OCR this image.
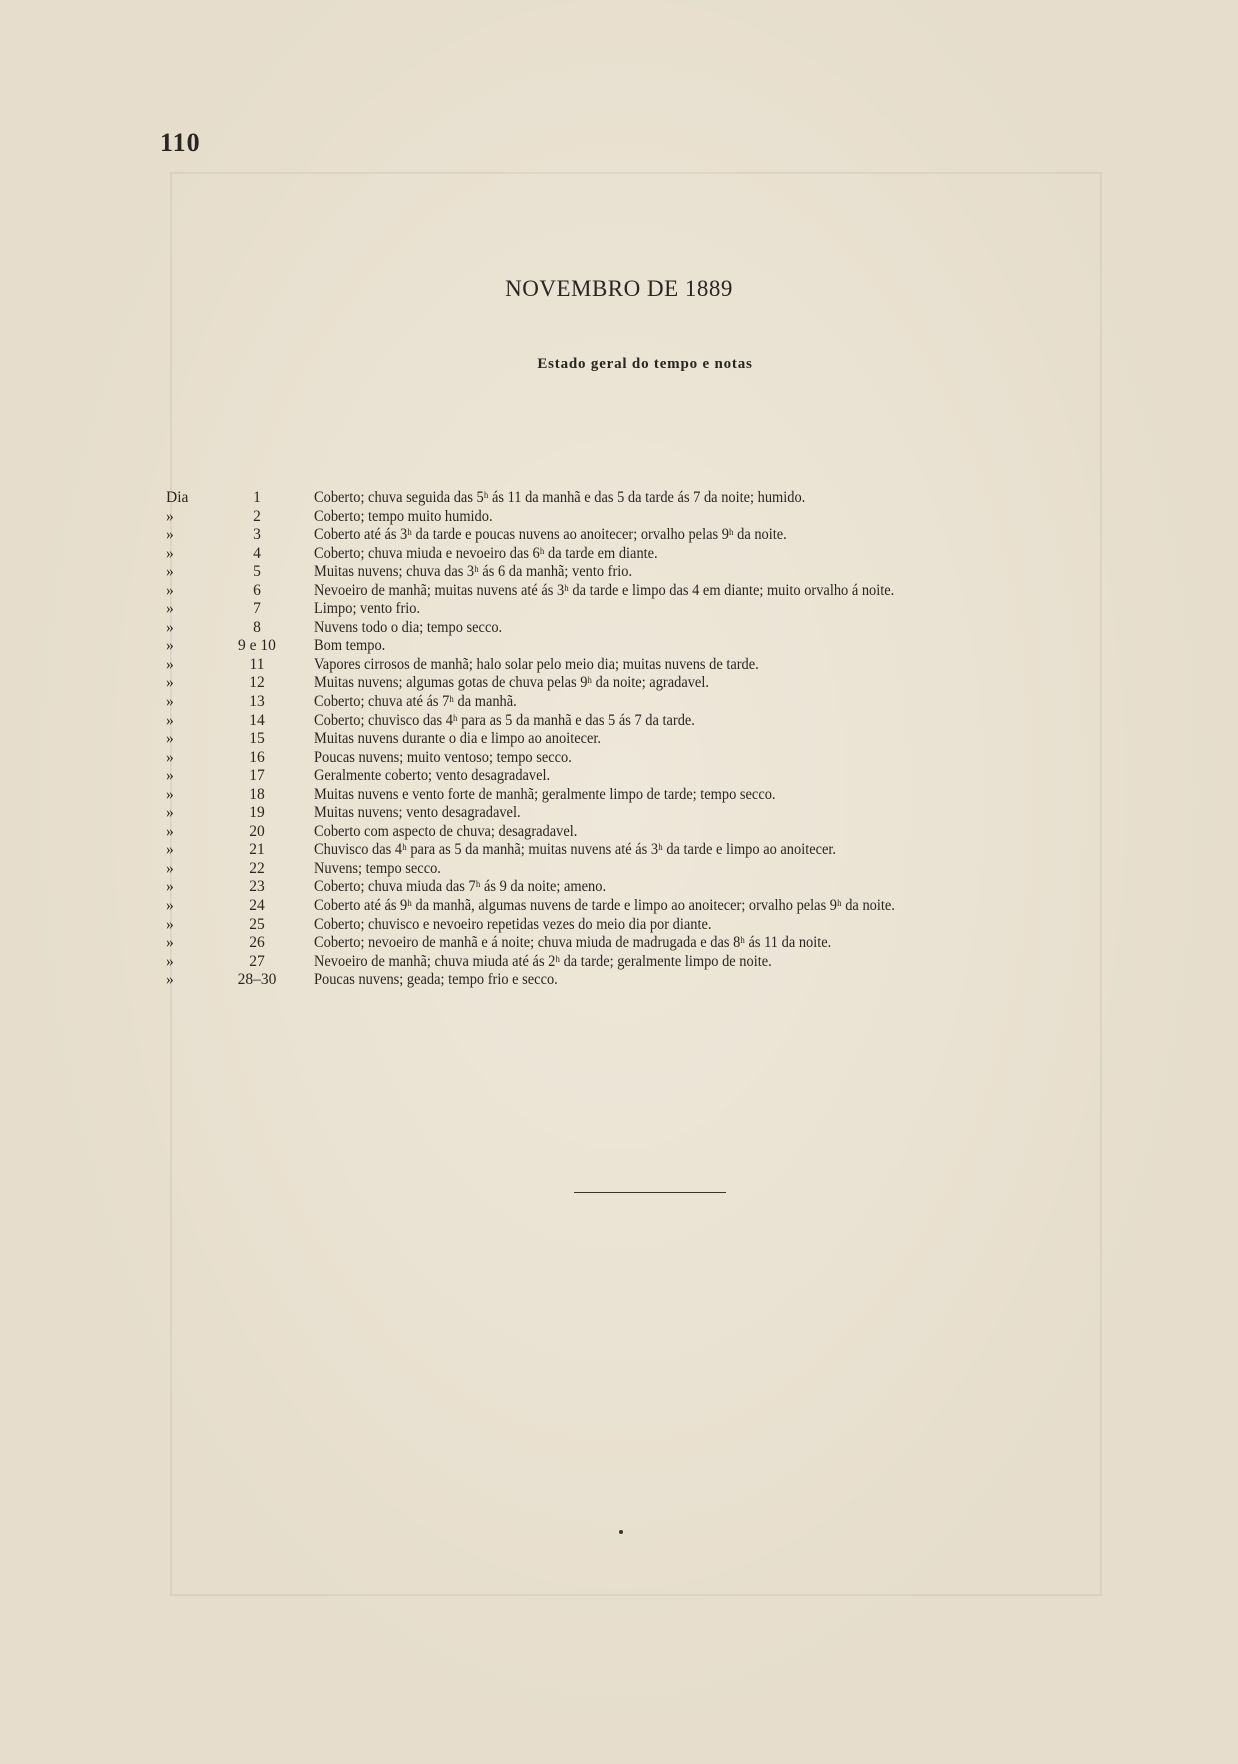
110
NOVEMBRO DE 1889
Estado geral do tempo e notas
Dia	1	Coberto; chuva seguida das 5ʰ ás 11 da manhã e das 5 da tarde ás 7 da noite; humido.
»	2	Coberto; tempo muito humido.
»	3	Coberto até ás 3ʰ da tarde e poucas nuvens ao anoitecer; orvalho pelas 9ʰ da noite.
»	4	Coberto; chuva miuda e nevoeiro das 6ʰ da tarde em diante.
»	5	Muitas nuvens; chuva das 3ʰ ás 6 da manhã; vento frio.
»	6	Nevoeiro de manhã; muitas nuvens até ás 3ʰ da tarde e limpo das 4 em diante; muito orvalho á noite.
»	7	Limpo; vento frio.
»	8	Nuvens todo o dia; tempo secco.
»	9 e 10	Bom tempo.
»	11	Vapores cirrosos de manhã; halo solar pelo meio dia; muitas nuvens de tarde.
»	12	Muitas nuvens; algumas gotas de chuva pelas 9ʰ da noite; agradavel.
»	13	Coberto; chuva até ás 7ʰ da manhã.
»	14	Coberto; chuvisco das 4ʰ para as 5 da manhã e das 5 ás 7 da tarde.
»	15	Muitas nuvens durante o dia e limpo ao anoitecer.
»	16	Poucas nuvens; muito ventoso; tempo secco.
»	17	Geralmente coberto; vento desagradavel.
»	18	Muitas nuvens e vento forte de manhã; geralmente limpo de tarde; tempo secco.
»	19	Muitas nuvens; vento desagradavel.
»	20	Coberto com aspecto de chuva; desagradavel.
»	21	Chuvisco das 4ʰ para as 5 da manhã; muitas nuvens até ás 3ʰ da tarde e limpo ao anoitecer.
»	22	Nuvens; tempo secco.
»	23	Coberto; chuva miuda das 7ʰ ás 9 da noite; ameno.
»	24	Coberto até ás 9ʰ da manhã, algumas nuvens de tarde e limpo ao anoitecer; orvalho pelas 9ʰ da noite.
»	25	Coberto; chuvisco e nevoeiro repetidas vezes do meio dia por diante.
»	26	Coberto; nevoeiro de manhã e á noite; chuva miuda de madrugada e das 8ʰ ás 11 da noite.
»	27	Nevoeiro de manhã; chuva miuda até ás 2ʰ da tarde; geralmente limpo de noite.
»	28–30	Poucas nuvens; geada; tempo frio e secco.
